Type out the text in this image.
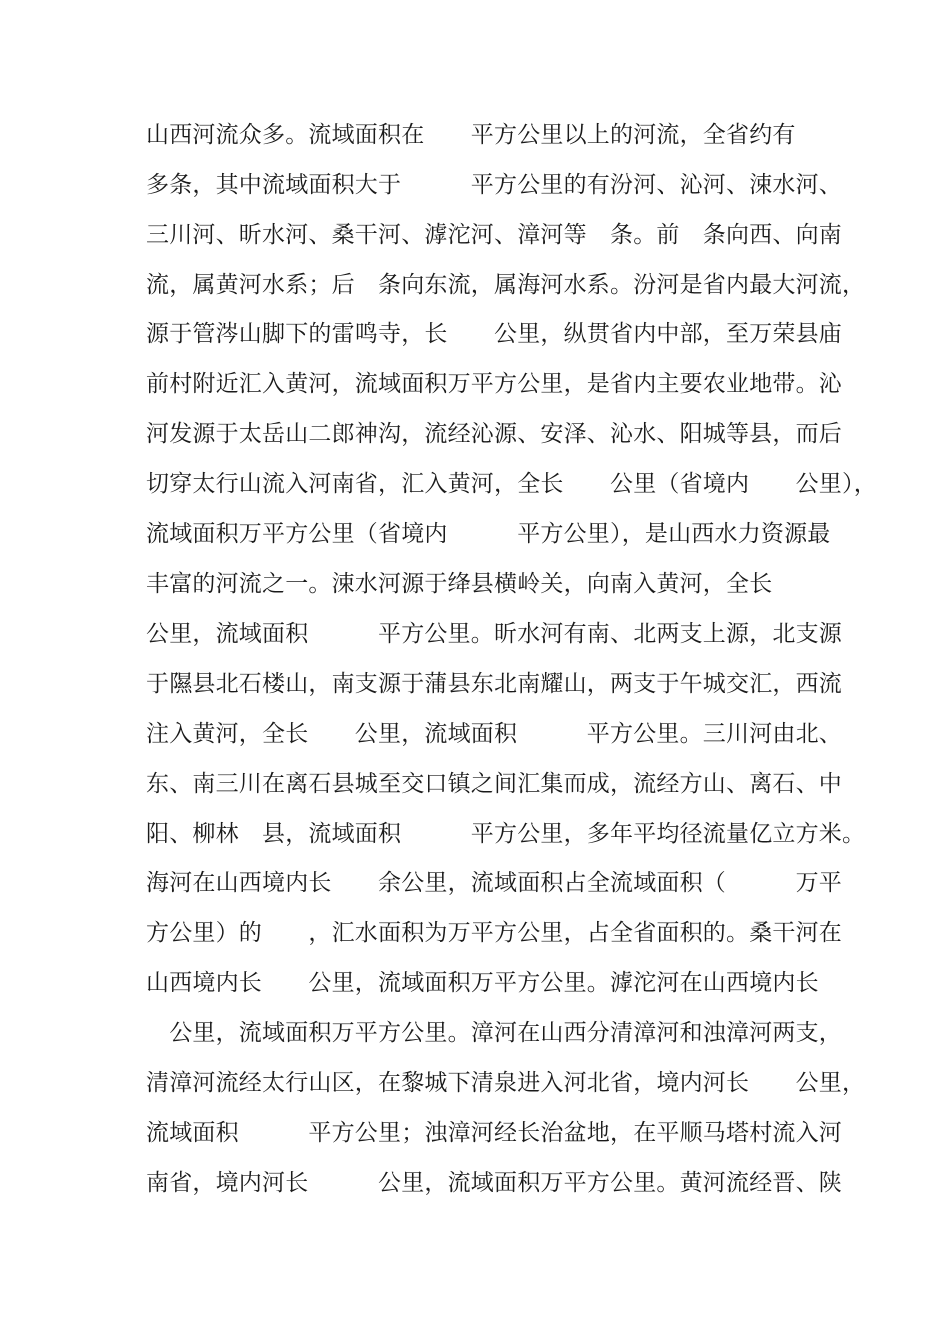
山西河流众多。流域面积在　　平方公里以上的河流，全省约有
多条，其中流域面积大于　　　平方公里的有汾河、沁河、涑水河、
三川河、昕水河、桑干河、滹沱河、漳河等　条。前　条向西、向南
流，属黄河水系；后　条向东流，属海河水系。汾河是省内最大河流，
源于管涔山脚下的雷鸣寺，长　　公里，纵贯省内中部，至万荣县庙
前村附近汇入黄河，流域面积万平方公里，是省内主要农业地带。沁
河发源于太岳山二郎神沟，流经沁源、安泽、沁水、阳城等县，而后
切穿太行山流入河南省，汇入黄河，全长　　公里（省境内　　公里），
流域面积万平方公里（省境内　　　平方公里），是山西水力资源最
丰富的河流之一。涑水河源于绛县横岭关，向南入黄河，全长
公里，流域面积　　　平方公里。昕水河有南、北两支上源，北支源
于隰县北石楼山，南支源于蒲县东北南耀山，两支于午城交汇，西流
注入黄河，全长　　公里，流域面积　　　平方公里。三川河由北、
东、南三川在离石县城至交口镇之间汇集而成，流经方山、离石、中
阳、柳林　县，流域面积　　　平方公里，多年平均径流量亿立方米。
海河在山西境内长　　余公里，流域面积占全流域面积（　　　万平
方公里）的　　，汇水面积为万平方公里，占全省面积的。桑干河在
山西境内长　　公里，流域面积万平方公里。滹沱河在山西境内长
　公里，流域面积万平方公里。漳河在山西分清漳河和浊漳河两支，
清漳河流经太行山区，在黎城下清泉进入河北省，境内河长　　公里，
流域面积　　　平方公里；浊漳河经长治盆地，在平顺马塔村流入河
南省，境内河长　　　公里，流域面积万平方公里。黄河流经晋、陕
